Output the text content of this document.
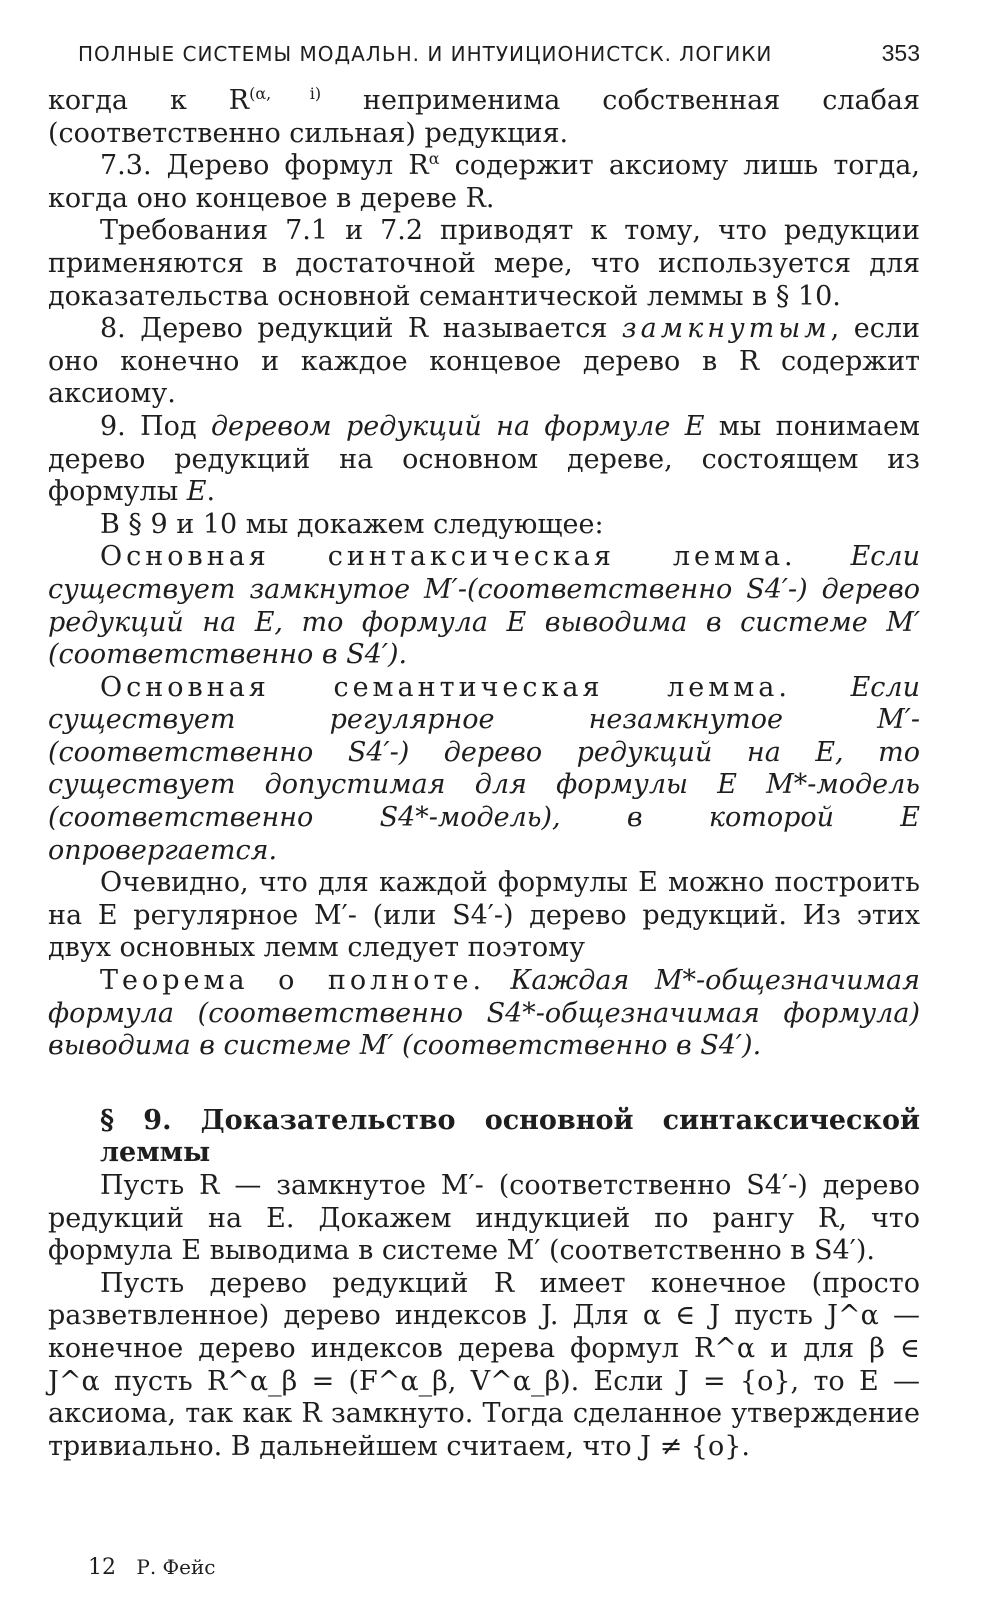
ПОЛНЫЕ СИСТЕМЫ МОДАЛЬН. И ИНТУИЦИОНИСТСК. ЛОГИКИ	353

когда к $R^{(\alpha, i)}$ неприменима собственная слабая (соответственно сильная) редукция.

7.3. Дерево формул $R^\alpha$ содержит аксиому лишь тогда, когда оно концевое в дереве R.

Требования 7.1 и 7.2 приводят к тому, что редукции применяются в достаточной мере, что используется для доказательства основной семантической леммы в § 10.

8. Дерево редукций R называется замкнутым, если оно конечно и каждое концевое дерево в R содержит аксиому.

9. Под деревом редукций на формуле E мы понимаем дерево редукций на основном дереве, состоящем из формулы E.

В § 9 и 10 мы докажем следующее:

Основная синтаксическая лемма. Если существует замкнутое M′-(соответственно S4′-) дерево редукций на E, то формула E выводима в системе M′ (соответственно в S4′).

Основная семантическая лемма. Если существует регулярное незамкнутое M′- (соответственно S4′-) дерево редукций на E, то существует допустимая для формулы E M*-модель (соответственно S4*-модель), в которой E опровергается.

Очевидно, что для каждой формулы E можно построить на E регулярное M′- (или S4′-) дерево редукций. Из этих двух основных лемм следует поэтому

Теорема о полноте. Каждая M*-общезначимая формула (соответственно S4*-общезначимая формула) выводима в системе M′ (соответственно в S4′).

§ 9. Доказательство основной синтаксической леммы

Пусть R — замкнутое M′- (соответственно S4′-) дерево редукций на E. Докажем индукцией по рангу R, что формула E выводима в системе M′ (соответственно в S4′).

Пусть дерево редукций R имеет конечное (просто разветвленное) дерево индексов J. Для α ∈ J пусть J^α — конечное дерево индексов дерева формул R^α и для β ∈ J^α пусть R^α_β = (F^α_β, V^α_β). Если J = {o}, то E — аксиома, так как R замкнуто. Тогда сделанное утверждение тривиально. В дальнейшем считаем, что J ≠ {o}.

12 Р. Фейс
